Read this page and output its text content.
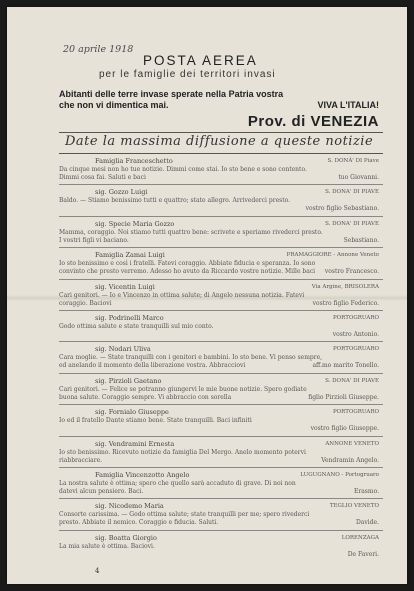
20 aprile 1918
POSTA AEREA
per le famiglie dei territori invasi
Abitanti delle terre invase sperate nella Patria vostra
che non vi dimentica mai.	VIVA L'ITALIA!
Prov. di VENEZIA
Date la massima diffusione a queste notizie
Famiglia Franceschetto	S. DONÀ' DI Piave
Da cinque mesi non ho tue notizie. Dimmi come stai. Io sto bene e sono contento.
Dimmi cosa fai. Saluti e baci	tuo Giovanni.
sig. Gozzo Luigi	S. DONA' DI PIAVE
Baldo. — Stiamo benissimo tutti e quattro; state allegro. Arrivederci presto.
vostro figlio Sebastiano.
sig. Specie Maria Gozzo	S. DONA' DI PIAVE
Mamma, coraggio. Noi stiamo tutti quattro bene: scrivete e speriamo rivederci presto.
I vostri figli vi baciano.	Sebastiano.
Famiglia Zamai Luigi	PRAMAGGIORE - Annone Veneto
Io sto benissimo e così i fratelli. Fatevi coraggio. Abbiate fiducia e speranza. Io sono
convinto che presto verremo. Adesso ho avuto da Riccardo vostre notizie. Mille baci vostro Francesco.
sig. Vicentin Luigi	Via Argine, BRISOLERA
Cari genitori. — Io e Vincenzo in ottima salute; di Angelo nessuna notizia. Fatevi
coraggio. Baciovi	vostro figlio Federico.
sig. Podrinelli Marco	PORTOGRUARO
Godo ottima salute e state tranquilli sul mio conto.
vostro Antonio.
sig. Nodari Uliva	PORTOGRUARO
Cara moglie. — State tranquilli con i genitori e bambini. Io sto bene. Vi penso sempre,
ed anelando il momento della liberazione vostra. Abbracciovi	aff.mo marito Tonello.
sig. Pirzioli Gaetano	S. DONA' DI PIAVE
Cari genitori. — Felice se potranno giungervi le mie buone notizie. Spero godiate
buona salute. Coraggio sempre. Vi abbraccio con sorella	figlio Pirzioli Giuseppe.
sig. Fornialo Giuseppe	PORTOGRUARO
Io ed il fratello Dante stiamo bene. State tranquilli. Baci infiniti
vostro figlio Giuseppe.
sig. Vendramini Ernesta	ANNONE VENETO
Io sto benissimo. Ricevuto notizie da famiglia Del Mergo. Anelo momento potervi
riabbracciare.	Vendramin Angelo.
Famiglia Vincenzotto Angelo	LUGUGNANO - Portogruaro
La nostra salute è ottima; spero che quello sarà accaduto di grave. Di noi non
datevi alcun pensiero. Baci.	Erasmo.
sig. Nicodemo Maria	TEGLIO VENETO
Consorte carissima. — Godo ottima salute; state tranquilli per me; spero rivederci
presto. Abbiate il nemico. Coraggio e fiducia. Saluti.	Davide.
sig. Boatta Giorgio	LORENZAGA
La mia salute è ottima. Baciovi.
De Faveri.
4
